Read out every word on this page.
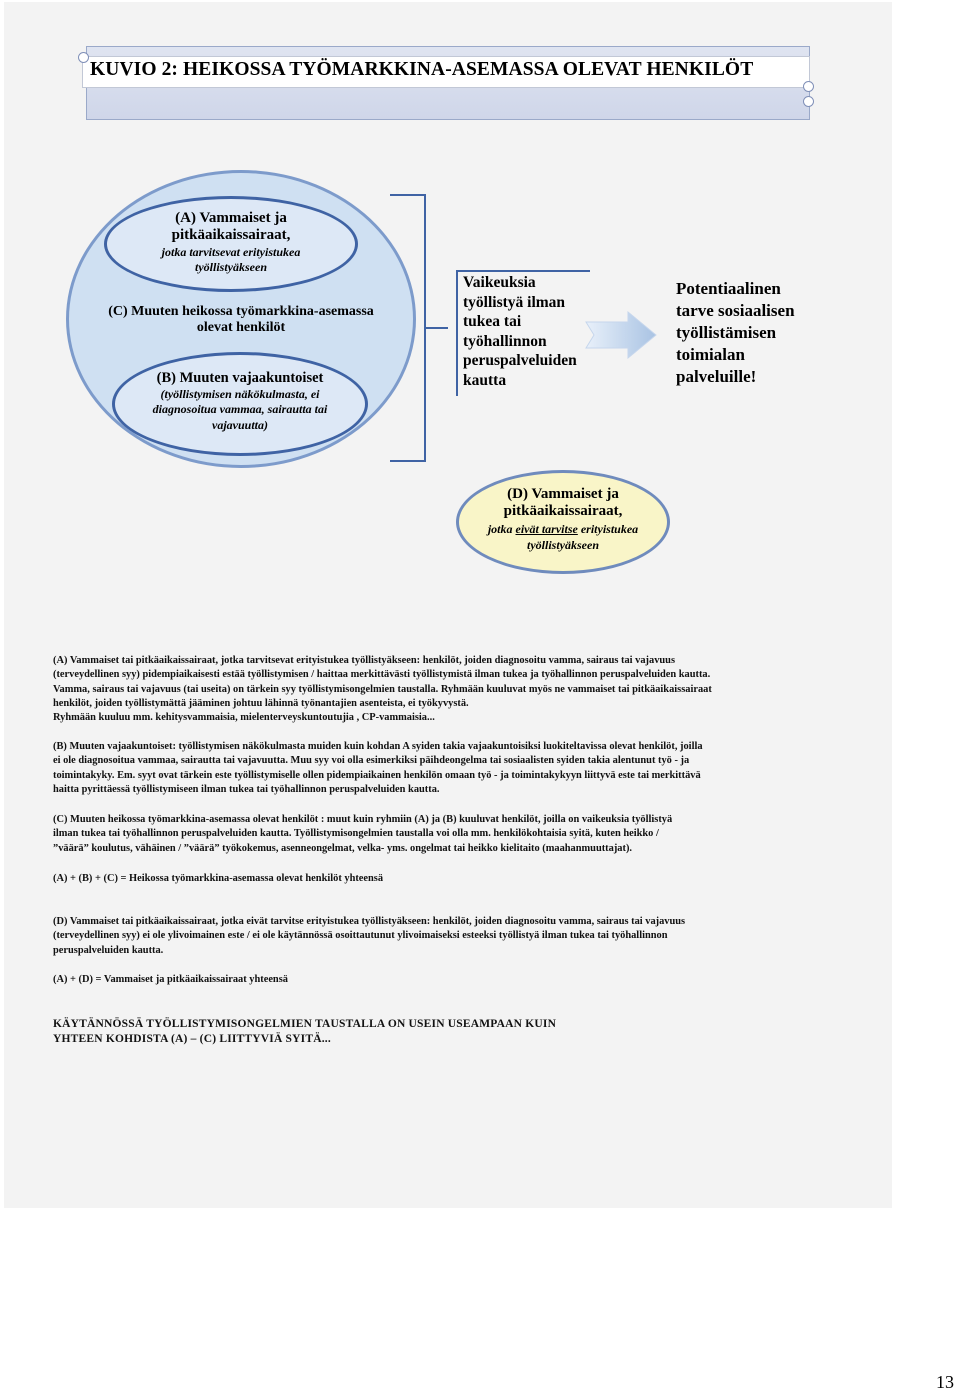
KUVIO 2: HEIKOSSA TYÖMARKKINA-ASEMASSA OLEVAT HENKILÖT
(A) Vammaiset ja
pitkäaikaissairaat,
jotka tarvitsevat erityistukea
työllistyäkseen
(C) Muuten heikossa työmarkkina-asemassa
olevat henkilöt
(B) Muuten vajaakuntoiset
(työllistymisen näkökulmasta, ei
diagnosoitua vammaa, sairautta tai
vajavuutta)
Vaikeuksia
työllistyä ilman
tukea tai
työhallinnon
peruspalveluiden
kautta
Potentiaalinen
tarve sosiaalisen
työllistämisen
toimialan
palveluille!
(D) Vammaiset ja
pitkäaikaissairaat,
jotka eivät tarvitse erityistukea
työllistyäkseen
(A) Vammaiset tai pitkäaikaissairaat, jotka tarvitsevat erityistukea työllistyäkseen: henkilöt, joiden diagnosoitu vamma, sairaus tai vajavuus
(terveydellinen syy) pidempiaikaisesti estää työllistymisen / haittaa merkittävästi työllistymistä ilman tukea ja työhallinnon peruspalveluiden kautta.
Vamma, sairaus tai vajavuus (tai useita) on tärkein syy työllistymisongelmien taustalla. Ryhmään kuuluvat myös ne vammaiset tai pitkäaikaissairaat
henkilöt, joiden työllistymättä jääminen johtuu lähinnä työnantajien asenteista, ei työkyvystä.
Ryhmään kuuluu mm. kehitysvammaisia, mielenterveyskuntoutujia , CP-vammaisia...
(B) Muuten vajaakuntoiset: työllistymisen näkökulmasta muiden kuin kohdan A syiden takia vajaakuntoisiksi luokiteltavissa olevat henkilöt, joilla
ei ole diagnosoitua vammaa, sairautta tai vajavuutta. Muu syy voi olla esimerkiksi päihdeongelma tai sosiaalisten syiden takia alentunut työ - ja
toimintakyky. Em. syyt ovat tärkein este työllistymiselle ollen pidempiaikainen henkilön omaan työ - ja toimintakykyyn liittyvä este tai merkittävä
haitta pyrittäessä työllistymiseen ilman tukea tai työhallinnon peruspalveluiden kautta.
(C) Muuten heikossa työmarkkina-asemassa olevat henkilöt : muut kuin ryhmiin (A) ja (B) kuuluvat henkilöt, joilla on vaikeuksia työllistyä
ilman tukea tai työhallinnon peruspalveluiden kautta. Työllistymisongelmien taustalla voi olla mm. henkilökohtaisia syitä, kuten heikko /
”väärä” koulutus, vähäinen / ”väärä” työkokemus, asenneongelmat, velka- yms. ongelmat tai heikko kielitaito (maahanmuuttajat).
(A) + (B) + (C) = Heikossa työmarkkina-asemassa olevat henkilöt yhteensä
(D) Vammaiset tai pitkäaikaissairaat, jotka eivät tarvitse erityistukea työllistyäkseen: henkilöt, joiden diagnosoitu vamma, sairaus tai vajavuus
(terveydellinen syy) ei ole ylivoimainen este / ei ole käytännössä osoittautunut ylivoimaiseksi esteeksi työllistyä ilman tukea tai työhallinnon
peruspalveluiden kautta.
(A) + (D) = Vammaiset ja pitkäaikaissairaat yhteensä
KÄYTÄNNÖSSÄ TYÖLLISTYMISONGELMIEN TAUSTALLA ON USEIN USEAMPAAN KUIN
YHTEEN KOHDISTA (A) – (C) LIITTYVIÄ SYITÄ...
13
